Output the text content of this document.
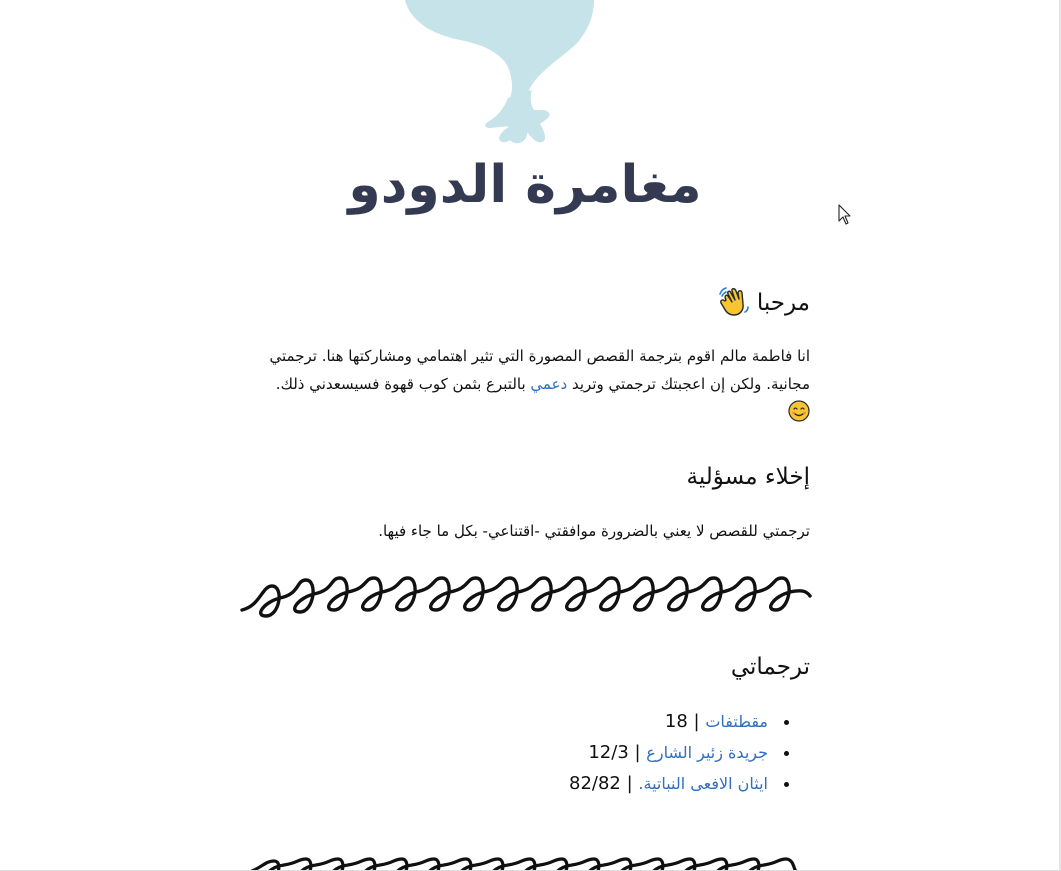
مغامرة الدودو
مرحبا

انا فاطمة مالم اقوم بترجمة القصص المصورة التي تثير اهتمامي ومشاركتها هنا. ترجمتي مجانية. ولكن إن اعجبتك ترجمتي وتريد دعمي بالتبرع بثمن كوب قهوة فسيسعدني ذلك.

إخلاء مسؤلية

ترجمتي للقصص لا يعني بالضرورة موافقتي -اقتناعي- بكل ما جاء فيها.

ترجماتي
• مقطتفات | 18
• جريدة زئير الشارع | 12/3
• ايثان الافعى النباتية. | 82/82
